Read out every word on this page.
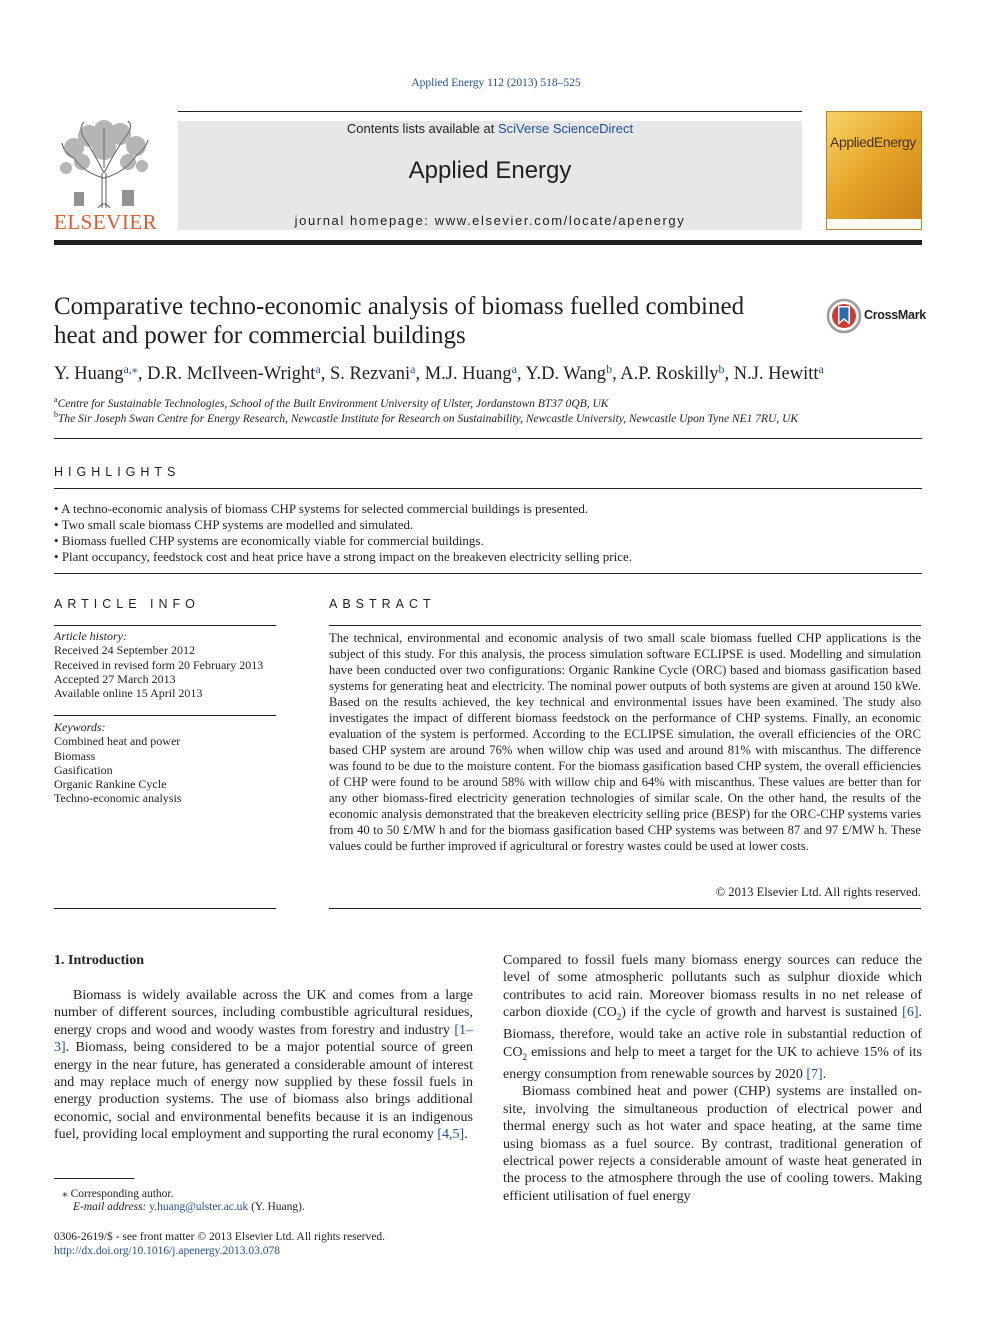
Applied Energy 112 (2013) 518–525
ELSEVIER
Contents lists available at SciVerse ScienceDirect
Applied Energy
journal homepage: www.elsevier.com/locate/apenergy
AppliedEnergy
Comparative techno-economic analysis of biomass fuelled combined
heat and power for commercial buildings
CrossMark
Y. Huang$^{a,⁎}$, D.R. McIlveen-Wright$^a$, S. Rezvani$^a$, M.J. Huang$^a$, Y.D. Wang$^b$, A.P. Roskilly$^b$, N.J. Hewitt$^a$
$^a$Centre for Sustainable Technologies, School of the Built Environment University of Ulster, Jordanstown BT37 0QB, UK
$^b$The Sir Joseph Swan Centre for Energy Research, Newcastle Institute for Research on Sustainability, Newcastle University, Newcastle Upon Tyne NE1 7RU, UK
HIGHLIGHTS
• A techno-economic analysis of biomass CHP systems for selected commercial buildings is presented.
• Two small scale biomass CHP systems are modelled and simulated.
• Biomass fuelled CHP systems are economically viable for commercial buildings.
• Plant occupancy, feedstock cost and heat price have a strong impact on the breakeven electricity selling price.
ARTICLE INFO
Article history:
Received 24 September 2012
Received in revised form 20 February 2013
Accepted 27 March 2013
Available online 15 April 2013
Keywords:
Combined heat and power
Biomass
Gasification
Organic Rankine Cycle
Techno-economic analysis
ABSTRACT
The technical, environmental and economic analysis of two small scale biomass fuelled CHP applications is the subject of this study. For this analysis, the process simulation software ECLIPSE is used. Modelling and simulation have been conducted over two configurations: Organic Rankine Cycle (ORC) based and biomass gasification based systems for generating heat and electricity. The nominal power outputs of both systems are given at around 150 kWe. Based on the results achieved, the key technical and environmental issues have been examined. The study also investigates the impact of different biomass feedstock on the performance of CHP systems. Finally, an economic evaluation of the system is performed. According to the ECLIPSE simulation, the overall efficiencies of the ORC based CHP system are around 76% when willow chip was used and around 81% with miscanthus. The difference was found to be due to the moisture content. For the biomass gasification based CHP system, the overall efficiencies of CHP were found to be around 58% with willow chip and 64% with miscanthus. These values are better than for any other biomass-fired electricity generation technologies of similar scale. On the other hand, the results of the economic analysis demonstrated that the breakeven electricity selling price (BESP) for the ORC-CHP systems varies from 40 to 50 £/MW h and for the biomass gasification based CHP systems was between 87 and 97 £/MW h. These values could be further improved if agricultural or forestry wastes could be used at lower costs.
© 2013 Elsevier Ltd. All rights reserved.
1. Introduction

Biomass is widely available across the UK and comes from a large number of different sources, including combustible agricultural residues, energy crops and wood and woody wastes from forestry and industry [1–3]. Biomass, being considered to be a major potential source of green energy in the near future, has generated a considerable amount of interest and may replace much of energy now supplied by these fossil fuels in energy production systems. The use of biomass also brings additional economic, social and environmental benefits because it is an indigenous fuel, providing local employment and supporting the rural economy [4,5].

Compared to fossil fuels many biomass energy sources can reduce the level of some atmospheric pollutants such as sulphur dioxide which contributes to acid rain. Moreover biomass results in no net release of carbon dioxide $(CO_2)$ if the cycle of growth and harvest is sustained [6]. Biomass, therefore, would take an active role in substantial reduction of $CO_2$ emissions and help to meet a target for the UK to achieve 15% of its energy consumption from renewable sources by 2020 [7].

Biomass combined heat and power (CHP) systems are installed on-site, involving the simultaneous production of electrical power and thermal energy such as hot water and space heating, at the same time using biomass as a fuel source. By contrast, traditional generation of electrical power rejects a considerable amount of waste heat generated in the process to the atmosphere through the use of cooling towers. Making efficient utilisation of fuel energy

⁎ Corresponding author.
E-mail address: y.huang@ulster.ac.uk (Y. Huang).
0306-2619/$ - see front matter © 2013 Elsevier Ltd. All rights reserved.
http://dx.doi.org/10.1016/j.apenergy.2013.03.078
